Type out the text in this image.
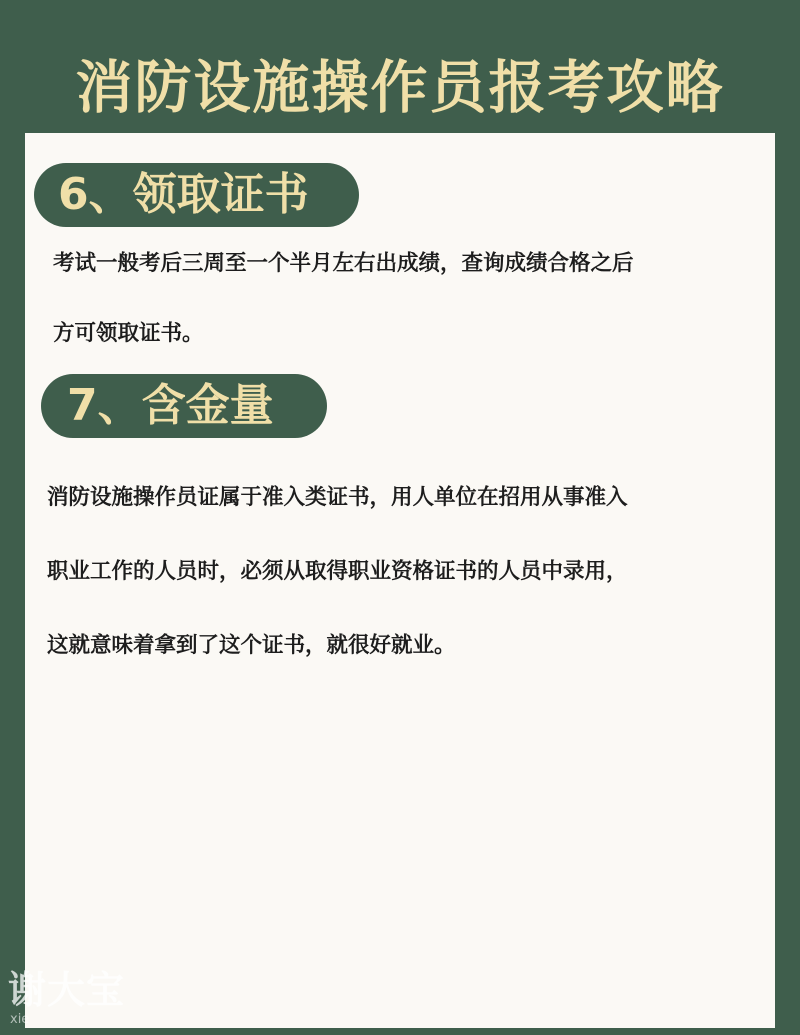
消防设施操作员报考攻略
6、领取证书

考试一般考后三周至一个半月左右出成绩，查询成绩合格之后
方可领取证书。

7、含金量

消防设施操作员证属于准入类证书，用人单位在招用从事准入
职业工作的人员时，必须从取得职业资格证书的人员中录用，
这就意味着拿到了这个证书，就很好就业。

谢大宝
xie
